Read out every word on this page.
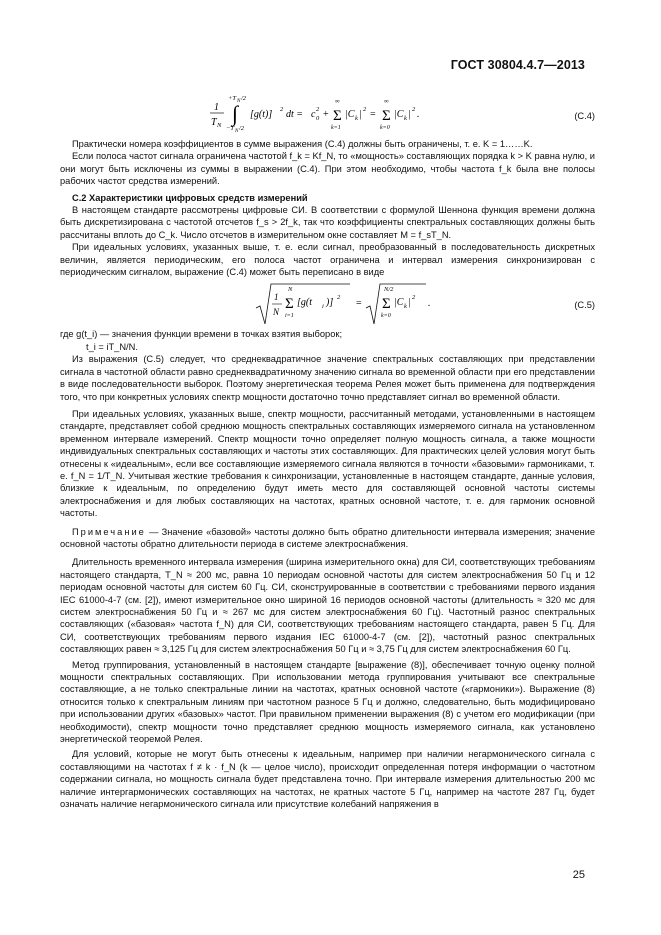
ГОСТ 30804.4.7—2013
1
T N
+T N /2
∫
−T N /2
[g(t)] 2 dt = c 0
2 +
∞
Σ
k=1
|C k | 2 =
∞
Σ
k=0
|C k | 2 .	(C.4)

Практически номера коэффициентов в сумме выражения (С.4) должны быть ограничены, т. е. K = 1……K.

Если полоса частот сигнала ограничена частотой f_k = Kf_N, то «мощность» составляющих порядка k > K равна нулю, и они могут быть исключены из суммы в выражении (С.4). При этом необходимо, чтобы частота f_k была вне полосы рабочих частот средства измерений.

С.2 Характеристики цифровых средств измерений

В настоящем стандарте рассмотрены цифровые СИ. В соответствии с формулой Шеннона функция времени должна быть дискретизирована с частотой отсчетов f_s > 2f_k, так что коэффициенты спектральных составляющих должны быть рассчитаны вплоть до C_k. Число отсчетов в измерительном окне составляет M = f_sT_N.

При идеальных условиях, указанных выше, т. е. если сигнал, преобразованный в последовательность дискретных величин, является периодическим, его полоса частот ограничена и интервал измерения синхронизирован с периодическим сигналом, выражение (С.4) может быть переписано в виде

1
N
N
Σ
i=1
[g(t i )] 2
=
N/2
Σ
k=0
|C k | 2
.	(C.5)

где g(t_i) — значения функции времени в точках взятия выборок;

t_i = iT_N/N.

Из выражения (С.5) следует, что среднеквадратичное значение спектральных составляющих при представлении сигнала в частотной области равно среднеквадратичному значению сигнала во временной области при его представлении в виде последовательности выборок. Поэтому энергетическая теорема Релея может быть применена для подтверждения того, что при конкретных условиях спектр мощности достаточно точно представляет сигнал во временной области.

При идеальных условиях, указанных выше, спектр мощности, рассчитанный методами, установленными в настоящем стандарте, представляет собой среднюю мощность спектральных составляющих измеряемого сигнала на установленном временном интервале измерений. Спектр мощности точно определяет полную мощность сигнала, а также мощности индивидуальных спектральных составляющих и частоты этих составляющих. Для практических целей условия могут быть отнесены к «идеальным», если все составляющие измеряемого сигнала являются в точности «базовыми» гармониками, т. е. f_N = 1/T_N. Учитывая жесткие требования к синхронизации, установленные в настоящем стандарте, данные условия, близкие к идеальным, по определению будут иметь место для составляющей основной частоты системы электроснабжения и для любых составляющих на частотах, кратных основной частоте, т. е. для гармоник основной частоты.

Примечание — Значение «базовой» частоты должно быть обратно длительности интервала измерения; значение основной частоты обратно длительности периода в системе электроснабжения.

Длительность временного интервала измерения (ширина измерительного окна) для СИ, соответствующих требованиям настоящего стандарта, T_N ≈ 200 мс, равна 10 периодам основной частоты для систем электроснабжения 50 Гц и 12 периодам основной частоты для систем 60 Гц. СИ, сконструированные в соответствии с требованиями первого издания IEC 61000-4-7 (см. [2]), имеют измерительное окно шириной 16 периодов основной частоты (длительность ≈ 320 мс для систем электроснабжения 50 Гц и ≈ 267 мс для систем электроснабжения 60 Гц). Частотный разнос спектральных составляющих («базовая» частота f_N) для СИ, соответствующих требованиям настоящего стандарта, равен 5 Гц. Для СИ, соответствующих требованиям первого издания IEC 61000-4-7 (см. [2]), частотный разнос спектральных составляющих равен ≈ 3,125 Гц для систем электроснабжения 50 Гц и ≈ 3,75 Гц для систем электроснабжения 60 Гц.

Метод группирования, установленный в настоящем стандарте [выражение (8)], обеспечивает точную оценку полной мощности спектральных составляющих. При использовании метода группирования учитывают все спектральные составляющие, а не только спектральные линии на частотах, кратных основной частоте («гармоники»). Выражение (8) относится только к спектральным линиям при частотном разносе 5 Гц и должно, следовательно, быть модифицировано при использовании других «базовых» частот. При правильном применении выражения (8) с учетом его модификации (при необходимости), спектр мощности точно представляет среднюю мощность измеряемого сигнала, как установлено энергетической теоремой Релея.

Для условий, которые не могут быть отнесены к идеальным, например при наличии негармонического сигнала с составляющими на частотах f ≠ k · f_N (k — целое число), происходит определенная потеря информации о частотном содержании сигнала, но мощность сигнала будет представлена точно. При интервале измерения длительностью 200 мс наличие интергармонических составляющих на частотах, не кратных частоте 5 Гц, например на частоте 287 Гц, будет означать наличие негармонического сигнала или присутствие колебаний напряжения в

25
